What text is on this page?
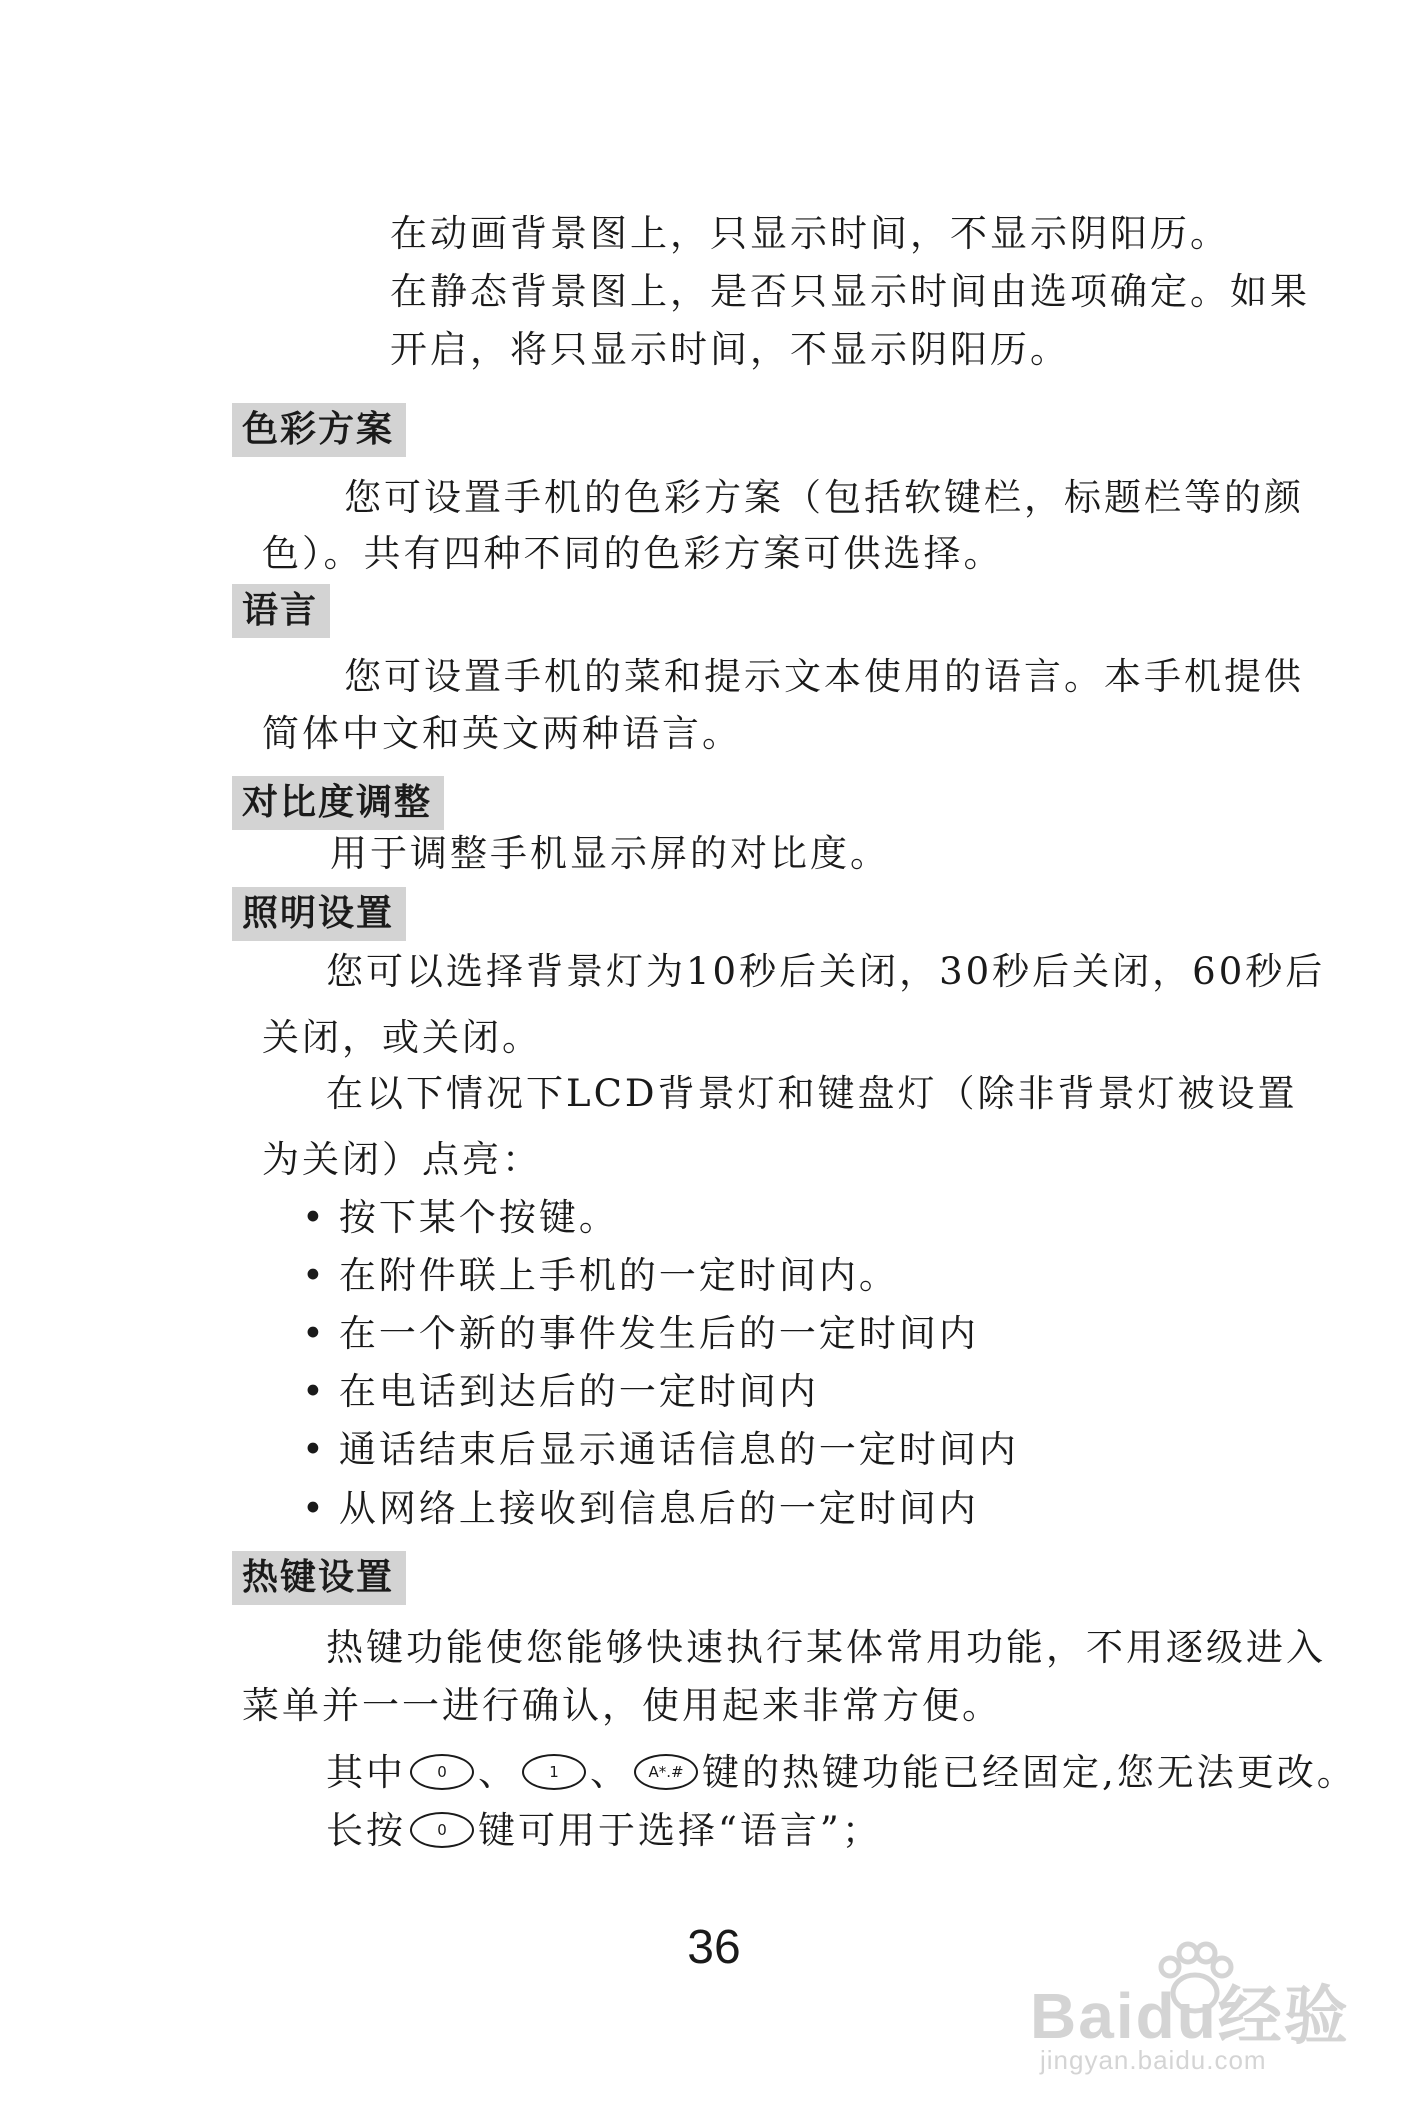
在动画背景图上，只显示时间，不显示阴阳历。
在静态背景图上，是否只显示时间由选项确定。如果
开启，将只显示时间，不显示阴阳历。
色彩方案
您可设置手机的色彩方案（包括软键栏，标题栏等的颜
色）。共有四种不同的色彩方案可供选择。
语言
您可设置手机的菜和提示文本使用的语言。本手机提供
简体中文和英文两种语言。
对比度调整
用于调整手机显示屏的对比度。
照明设置
您可以选择背景灯为10秒后关闭，30秒后关闭，60秒后
关闭，或关闭。
在以下情况下LCD背景灯和键盘灯（除非背景灯被设置
为关闭）点亮：
• 按下某个按键。
• 在附件联上手机的一定时间内。
• 在一个新的事件发生后的一定时间内
• 在电话到达后的一定时间内
• 通话结束后显示通话信息的一定时间内
• 从网络上接收到信息后的一定时间内
热键设置
热键功能使您能够快速执行某体常用功能，不用逐级进入
菜单并一一进行确认，使用起来非常方便。
其中 0 、 1 、 A*.# 键的热键功能已经固定,您无法更改。
长按 0 键可用于选择“语言”；
36
Baidu经验
jingyan.baidu.com
